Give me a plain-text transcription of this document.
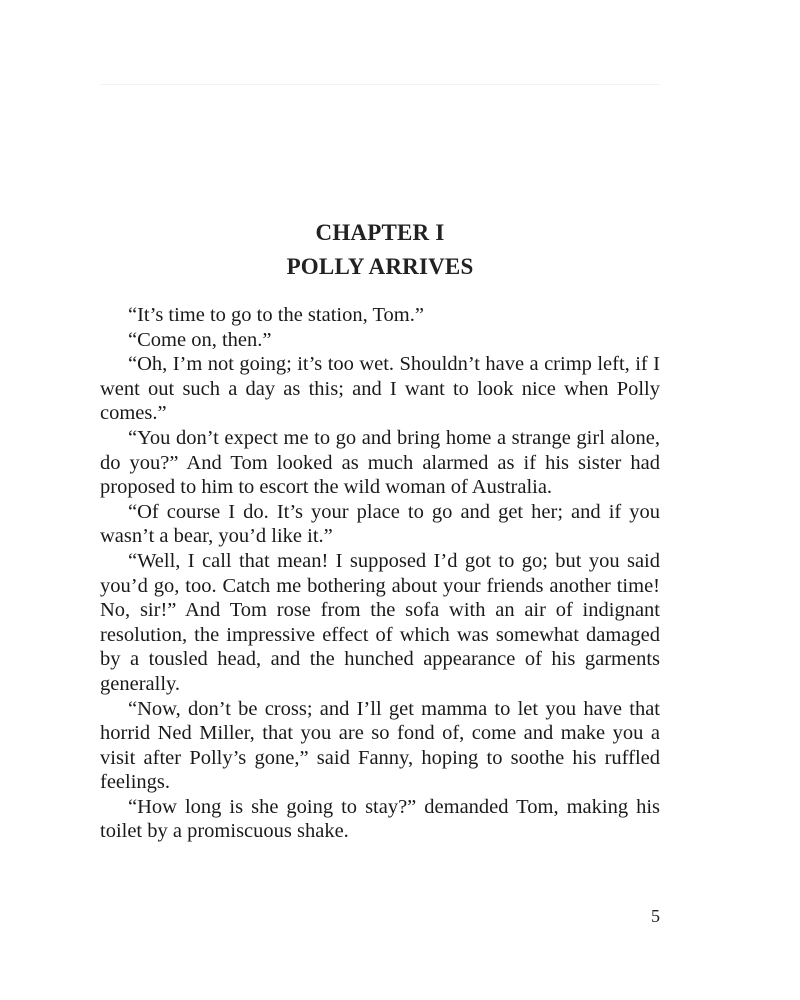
CHAPTER I
POLLY ARRIVES

“It’s time to go to the station, Tom.”

“Come on, then.”

“Oh, I’m not going; it’s too wet. Shouldn’t have a crimp left, if I went out such a day as this; and I want to look nice when Polly comes.”

“You don’t expect me to go and bring home a strange girl alone, do you?” And Tom looked as much alarmed as if his sister had proposed to him to escort the wild woman of Australia.

“Of course I do. It’s your place to go and get her; and if you wasn’t a bear, you’d like it.”

“Well, I call that mean! I supposed I’d got to go; but you said you’d go, too. Catch me bothering about your friends another time! No, sir!” And Tom rose from the sofa with an air of indignant resolution, the impressive effect of which was somewhat damaged by a tousled head, and the hunched appearance of his garments generally.

“Now, don’t be cross; and I’ll get mamma to let you have that horrid Ned Miller, that you are so fond of, come and make you a visit after Polly’s gone,” said Fanny, hoping to soothe his ruffled feelings.

“How long is she going to stay?” demanded Tom, making his toilet by a promiscuous shake.

5
